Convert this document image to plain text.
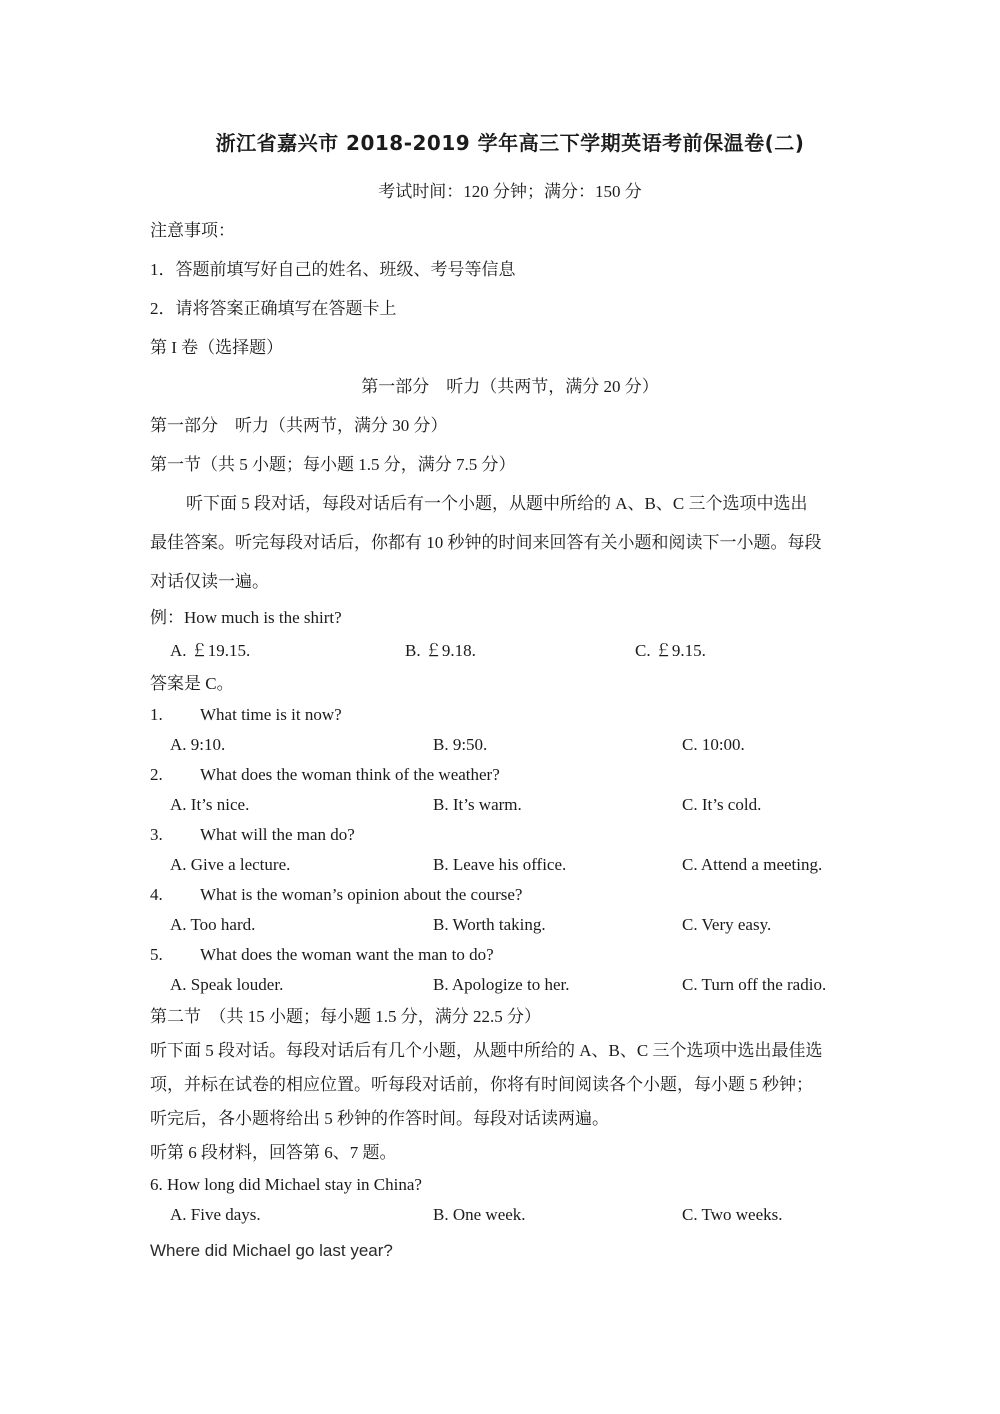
浙江省嘉兴市 2018-2019 学年高三下学期英语考前保温卷(二)
考试时间：120 分钟；满分：150 分
注意事项：
1．答题前填写好自己的姓名、班级、考号等信息
2．请将答案正确填写在答题卡上
第 I 卷（选择题）
第一部分　听力（共两节，满分 20 分）
第一部分　听力（共两节，满分 30 分）
第一节（共 5 小题；每小题 1.5 分，满分 7.5 分）
听下面 5 段对话，每段对话后有一个小题，从题中所给的 A、B、C 三个选项中选出
最佳答案。听完每段对话后，你都有 10 秒钟的时间来回答有关小题和阅读下一小题。每段
对话仅读一遍。
例：How much is the shirt?
A. ￡19.15.	B. ￡9.18.	C. ￡9.15.
答案是 C。
1. What time is it now?
A. 9:10.	B. 9:50.	C. 10:00.
2. What does the woman think of the weather?
A. It’s nice.	B. It’s warm.	C. It’s cold.
3. What will the man do?
A. Give a lecture.	B. Leave his office.	C. Attend a meeting.
4. What is the woman’s opinion about the course?
A. Too hard.	B. Worth taking.	C. Very easy.
5. What does the woman want the man to do?
A. Speak louder.	B. Apologize to her.	C. Turn off the radio.
第二节　（共 15 小题；每小题 1.5 分，满分 22.5 分）
听下面 5 段对话。每段对话后有几个小题，从题中所给的 A、B、C 三个选项中选出最佳选
项，并标在试卷的相应位置。听每段对话前，你将有时间阅读各个小题，每小题 5 秒钟；
听完后，各小题将给出 5 秒钟的作答时间。每段对话读两遍。
听第 6 段材料，回答第 6、7 题。
6. How long did Michael stay in China?
A. Five days.	B. One week.	C. Two weeks.
Where did Michael go last year?
